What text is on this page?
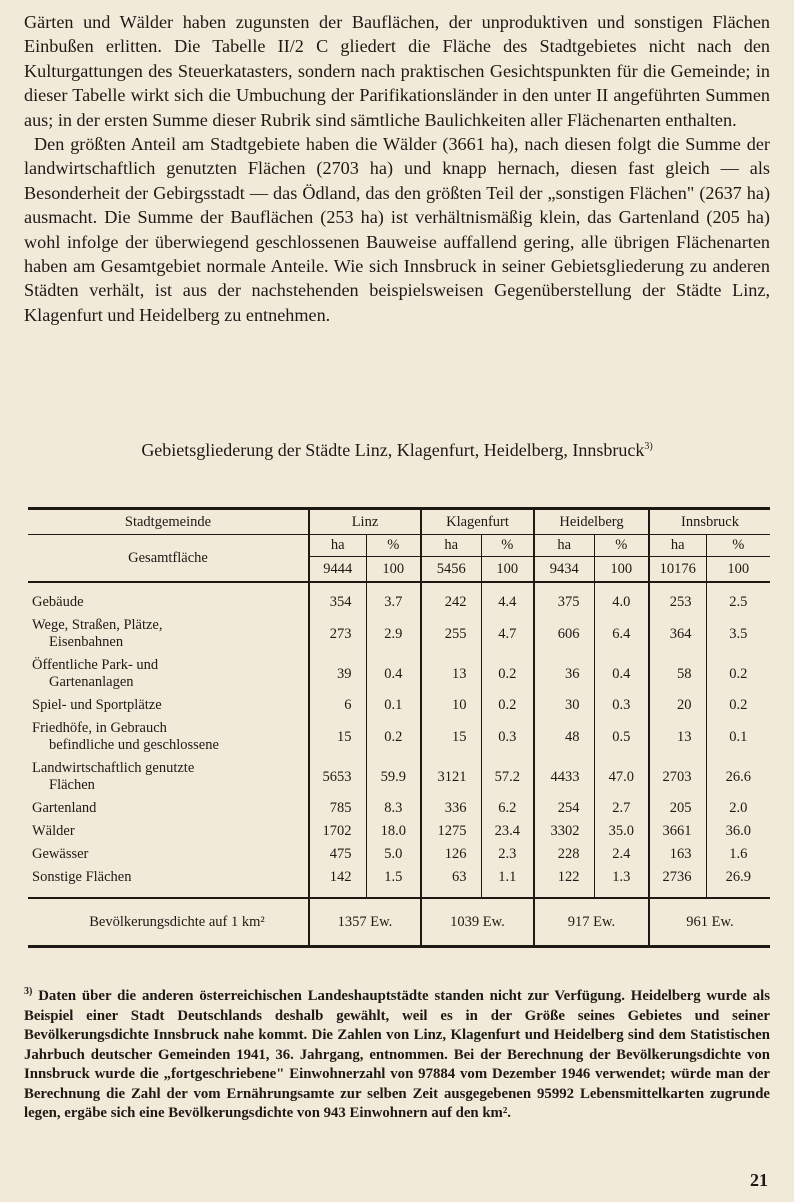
Gärten und Wälder haben zugunsten der Bauflächen, der unproduktiven und sonstigen Flächen Einbußen erlitten. Die Tabelle II/2 C gliedert die Fläche des Stadtgebietes nicht nach den Kulturgattungen des Steuerkatasters, sondern nach praktischen Gesichtspunkten für die Gemeinde; in dieser Tabelle wirkt sich die Umbuchung der Parifikationsländer in den unter II angeführten Summen aus; in der ersten Summe dieser Rubrik sind sämtliche Baulichkeiten aller Flächenarten enthalten.

Den größten Anteil am Stadtgebiete haben die Wälder (3661 ha), nach diesen folgt die Summe der landwirtschaftlich genutzten Flächen (2703 ha) und knapp hernach, diesen fast gleich — als Besonderheit der Gebirgsstadt — das Ödland, das den größten Teil der „sonstigen Flächen" (2637 ha) ausmacht. Die Summe der Bauflächen (253 ha) ist verhältnismäßig klein, das Gartenland (205 ha) wohl infolge der überwiegend geschlossenen Bauweise auffallend gering, alle übrigen Flächenarten haben am Gesamtgebiet normale Anteile. Wie sich Innsbruck in seiner Gebietsgliederung zu anderen Städten verhält, ist aus der nachstehenden beispielsweisen Gegenüberstellung der Städte Linz, Klagenfurt und Heidelberg zu entnehmen.

Gebietsgliederung der Städte Linz, Klagenfurt, Heidelberg, Innsbruck$^{3)}$
Stadtgemeinde	Linz		Klagenfurt		Heidelberg		Innsbruck	
Gesamtfläche	ha	%	ha	%	ha	%	ha	%
	9444	100	5456	100	9434	100	10176	100

Gebäude	354	3.7	242	4.4	375	4.0	253	2.5

Wege, Straßen, Plätze,
Eisenbahnen	273	2.9	255	4.7	606	6.4	364	3.5

Öffentliche Park- und
Gartenanlagen	39	0.4	13	0.2	36	0.4	58	0.2

Spiel- und Sportplätze	6	0.1	10	0.2	30	0.3	20	0.2

Friedhöfe, in Gebrauch
befindliche und geschlossene	15	0.2	15	0.3	48	0.5	13	0.1

Landwirtschaftlich genutzte
Flächen	5653	59.9	3121	57.2	4433	47.0	2703	26.6

Gartenland	785	8.3	336	6.2	254	2.7	205	2.0

Wälder	1702	18.0	1275	23.4	3302	35.0	3661	36.0

Gewässer	475	5.0	126	2.3	228	2.4	163	1.6

Sonstige Flächen	142	1.5	63	1.1	122	1.3	2736	26.9

Bevölkerungsdichte auf 1 km²	1357 Ew.		1039 Ew.		917 Ew.		961 Ew.	

$^{3)}$ Daten über die anderen österreichischen Landeshauptstädte standen nicht zur Verfügung. Heidelberg wurde als Beispiel einer Stadt Deutschlands deshalb gewählt, weil es in der Größe seines Gebietes und seiner Bevölkerungsdichte Innsbruck nahe kommt. Die Zahlen von Linz, Klagenfurt und Heidelberg sind dem Statistischen Jahrbuch deutscher Gemeinden 1941, 36. Jahrgang, entnommen. Bei der Berechnung der Bevölkerungsdichte von Innsbruck wurde die „fortgeschriebene" Einwohnerzahl von 97884 vom Dezember 1946 verwendet; würde man der Berechnung die Zahl der vom Ernährungsamte zur selben Zeit ausgegebenen 95992 Lebensmittelkarten zugrunde legen, ergäbe sich eine Bevölkerungsdichte von 943 Einwohnern auf den km².

21
